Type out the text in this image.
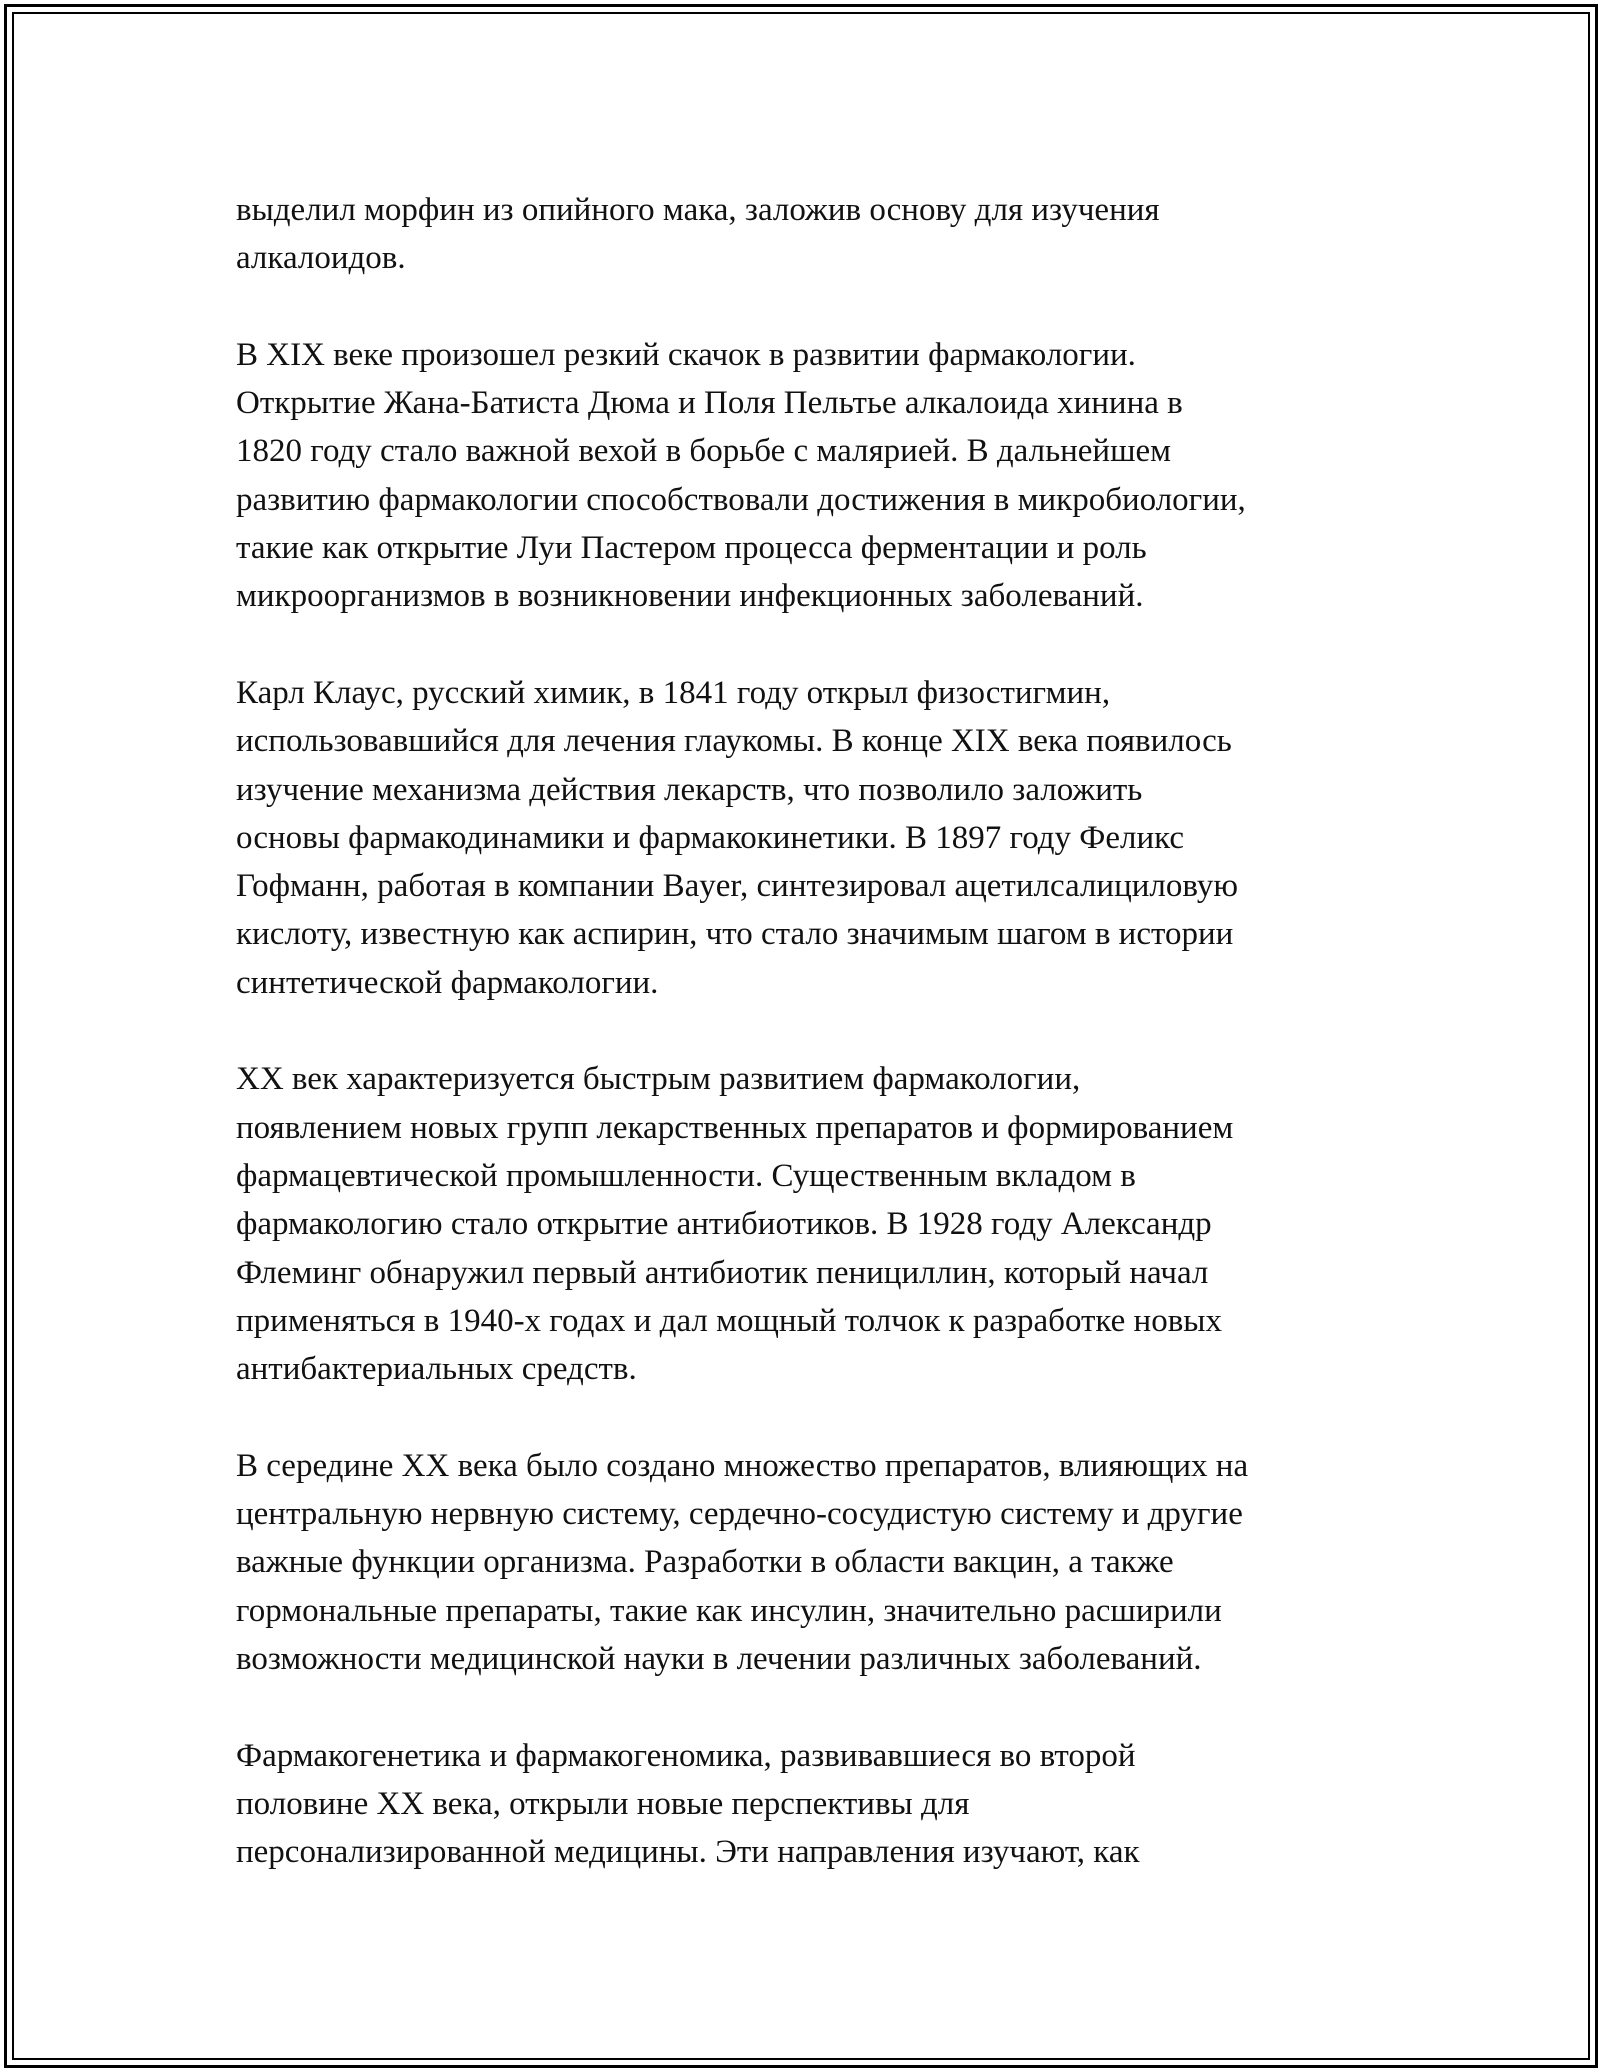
выделил морфин из опийного мака, заложив основу для изучения
алкалоидов.

В XIX веке произошел резкий скачок в развитии фармакологии.
Открытие Жана-Батиста Дюма и Поля Пельтье алкалоида хинина в
1820 году стало важной вехой в борьбе с малярией. В дальнейшем
развитию фармакологии способствовали достижения в микробиологии,
такие как открытие Луи Пастером процесса ферментации и роль
микроорганизмов в возникновении инфекционных заболеваний.

Карл Клаус, русский химик, в 1841 году открыл физостигмин,
использовавшийся для лечения глаукомы. В конце XIX века появилось
изучение механизма действия лекарств, что позволило заложить
основы фармакодинамики и фармакокинетики. В 1897 году Феликс
Гофманн, работая в компании Bayer, синтезировал ацетилсалициловую
кислоту, известную как аспирин, что стало значимым шагом в истории
синтетической фармакологии.

XX век характеризуется быстрым развитием фармакологии,
появлением новых групп лекарственных препаратов и формированием
фармацевтической промышленности. Существенным вкладом в
фармакологию стало открытие антибиотиков. В 1928 году Александр
Флеминг обнаружил первый антибиотик пенициллин, который начал
применяться в 1940-х годах и дал мощный толчок к разработке новых
антибактериальных средств.

В середине XX века было создано множество препаратов, влияющих на
центральную нервную систему, сердечно-сосудистую систему и другие
важные функции организма. Разработки в области вакцин, а также
гормональные препараты, такие как инсулин, значительно расширили
возможности медицинской науки в лечении различных заболеваний.

Фармакогенетика и фармакогеномика, развивавшиеся во второй
половине XX века, открыли новые перспективы для
персонализированной медицины. Эти направления изучают, как
